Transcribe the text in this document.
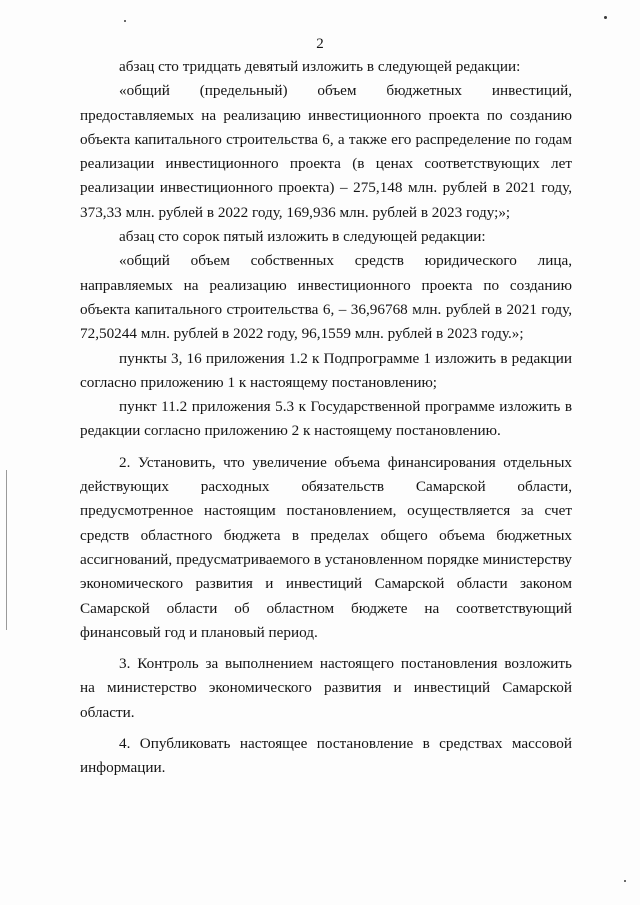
2

абзац сто тридцать девятый изложить в следующей редакции:

«общий (предельный) объем бюджетных инвестиций, предоставляемых на реализацию инвестиционного проекта по созданию объекта капитального строительства 6, а также его распределение по годам реализации инвестиционного проекта (в ценах соответствующих лет реализации инвестиционного проекта) – 275,148 млн. рублей в 2021 году, 373,33 млн. рублей в 2022 году, 169,936 млн. рублей в 2023 году;»;

абзац сто сорок пятый изложить в следующей редакции:

«общий объем собственных средств юридического лица, направляемых на реализацию инвестиционного проекта по созданию объекта капитального строительства 6, – 36,96768 млн. рублей в 2021 году, 72,50244 млн. рублей в 2022 году, 96,1559 млн. рублей в 2023 году.»;

пункты 3, 16 приложения 1.2 к Подпрограмме 1 изложить в редакции согласно приложению 1 к настоящему постановлению;

пункт 11.2 приложения 5.3 к Государственной программе изложить в редакции согласно приложению 2 к настоящему постановлению.

2. Установить, что увеличение объема финансирования отдельных действующих расходных обязательств Самарской области, предусмотренное настоящим постановлением, осуществляется за счет средств областного бюджета в пределах общего объема бюджетных ассигнований, предусматриваемого в установленном порядке министерству экономического развития и инвестиций Самарской области законом Самарской области об областном бюджете на соответствующий финансовый год и плановый период.

3. Контроль за выполнением настоящего постановления возложить на министерство экономического развития и инвестиций Самарской области.

4. Опубликовать настоящее постановление в средствах массовой информации.
